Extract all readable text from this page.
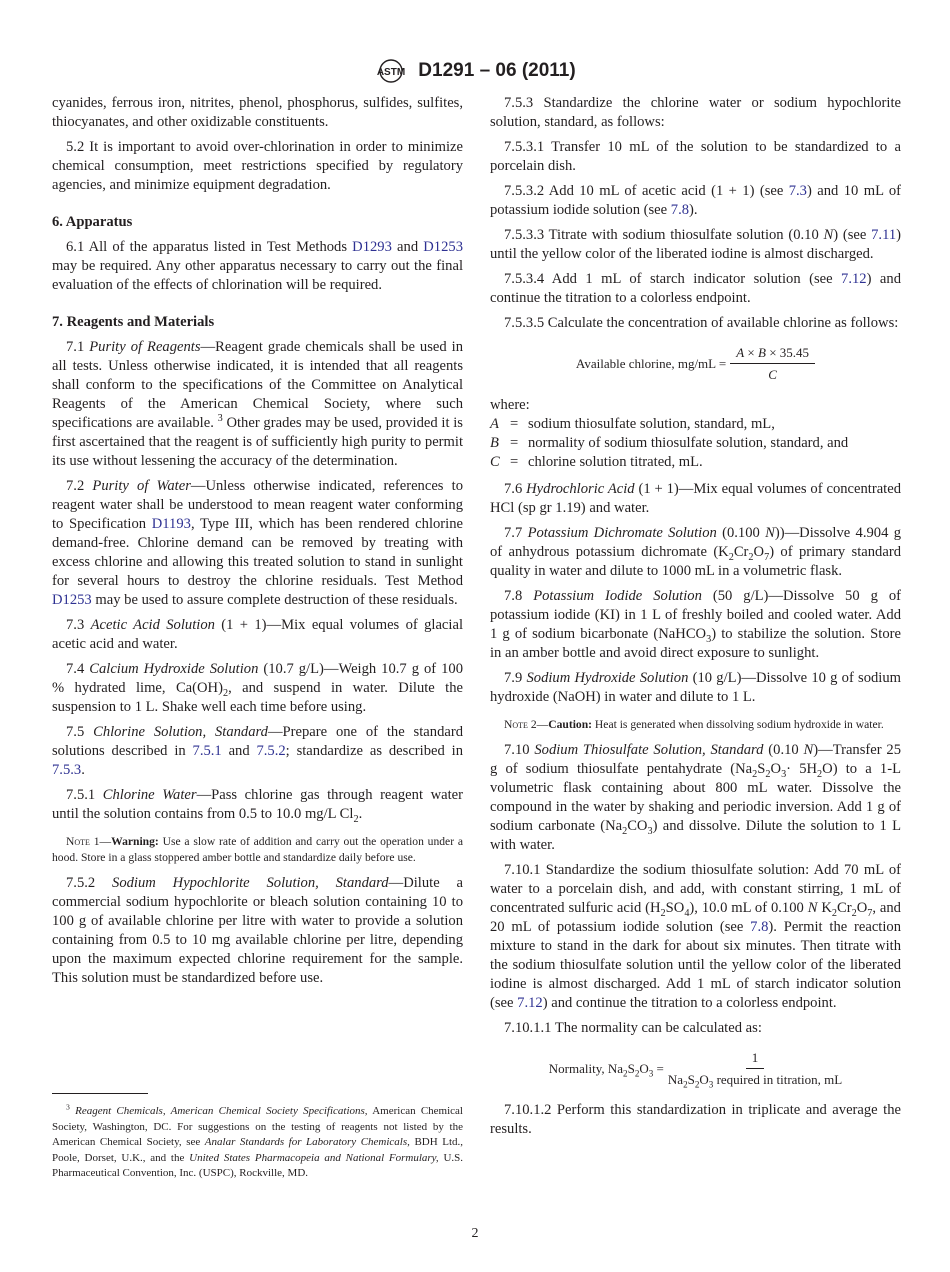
ASTM D1291 – 06 (2011)
cyanides, ferrous iron, nitrites, phenol, phosphorus, sulfides, sulfites, thiocyanates, and other oxidizable constituents.
5.2 It is important to avoid over-chlorination in order to minimize chemical consumption, meet restrictions specified by regulatory agencies, and minimize equipment degradation.
6. Apparatus
6.1 All of the apparatus listed in Test Methods D1293 and D1253 may be required. Any other apparatus necessary to carry out the final evaluation of the effects of chlorination will be required.
7. Reagents and Materials
7.1 Purity of Reagents—Reagent grade chemicals shall be used in all tests. Unless otherwise indicated, it is intended that all reagents shall conform to the specifications of the Committee on Analytical Reagents of the American Chemical Society, where such specifications are available. $^3$ Other grades may be used, provided it is first ascertained that the reagent is of sufficiently high purity to permit its use without lessening the accuracy of the determination.
7.2 Purity of Water—Unless otherwise indicated, references to reagent water shall be understood to mean reagent water conforming to Specification D1193, Type III, which has been rendered chlorine demand-free. Chlorine demand can be removed by treating with excess chlorine and allowing this treated solution to stand in sunlight for several hours to destroy the chlorine residuals. Test Method D1253 may be used to assure complete destruction of these residuals.
7.3 Acetic Acid Solution (1 + 1)—Mix equal volumes of glacial acetic acid and water.
7.4 Calcium Hydroxide Solution (10.7 g/L)—Weigh 10.7 g of 100 % hydrated lime, $Ca(OH)_2$, and suspend in water. Dilute the suspension to 1 L. Shake well each time before using.
7.5 Chlorine Solution, Standard—Prepare one of the standard solutions described in 7.5.1 and 7.5.2; standardize as described in 7.5.3.
7.5.1 Chlorine Water—Pass chlorine gas through reagent water until the solution contains from 0.5 to 10.0 mg/L $Cl_2$.
Note 1—Warning: Use a slow rate of addition and carry out the operation under a hood. Store in a glass stoppered amber bottle and standardize daily before use.
7.5.2 Sodium Hypochlorite Solution, Standard—Dilute a commercial sodium hypochlorite or bleach solution containing 10 to 100 g of available chlorine per litre with water to provide a solution containing from 0.5 to 10 mg available chlorine per litre, depending upon the maximum expected chlorine requirement for the sample. This solution must be standardized before use.
7.5.3 Standardize the chlorine water or sodium hypochlorite solution, standard, as follows:
7.5.3.1 Transfer 10 mL of the solution to be standardized to a porcelain dish.
7.5.3.2 Add 10 mL of acetic acid (1 + 1) (see 7.3) and 10 mL of potassium iodide solution (see 7.8).
7.5.3.3 Titrate with sodium thiosulfate solution (0.10 N) (see 7.11) until the yellow color of the liberated iodine is almost discharged.
7.5.3.4 Add 1 mL of starch indicator solution (see 7.12) and continue the titration to a colorless endpoint.
7.5.3.5 Calculate the concentration of available chlorine as follows:
Available chlorine, $mg/mL = \frac{A \times B \times 35.45}{C}$
where:
A = sodium thiosulfate solution, standard, mL,
B = normality of sodium thiosulfate solution, standard, and
C = chlorine solution titrated, mL.
7.6 Hydrochloric Acid (1 + 1)—Mix equal volumes of concentrated HCl (sp gr 1.19) and water.
7.7 Potassium Dichromate Solution (0.100 N))—Dissolve 4.904 g of anhydrous potassium dichromate $(K_2Cr_2O_7)$ of primary standard quality in water and dilute to 1000 mL in a volumetric flask.
7.8 Potassium Iodide Solution (50 g/L)—Dissolve 50 g of potassium iodide (KI) in 1 L of freshly boiled and cooled water. Add 1 g of sodium bicarbonate (NaHCO$_3$) to stabilize the solution. Store in an amber bottle and avoid direct exposure to sunlight.
7.9 Sodium Hydroxide Solution (10 g/L)—Dissolve 10 g of sodium hydroxide (NaOH) in water and dilute to 1 L.
Note 2—Caution: Heat is generated when dissolving sodium hydroxide in water.
7.10 Sodium Thiosulfate Solution, Standard (0.10 N)—Transfer 25 g of sodium thiosulfate pentahydrate $(Na_2S_2O_3\cdot 5H_2O)$ to a 1-L volumetric flask containing about 800 mL water. Dissolve the compound in the water by shaking and periodic inversion. Add 1 g of sodium carbonate $(Na_2CO_3)$ and dissolve. Dilute the solution to 1 L with water.
7.10.1 Standardize the sodium thiosulfate solution: Add 70 mL of water to a porcelain dish, and add, with constant stirring, 1 mL of concentrated sulfuric acid $(H_2SO_4)$, 10.0 mL of 0.100 N $K_2Cr_2O_7$, and 20 mL of potassium iodide solution (see 7.8). Permit the reaction mixture to stand in the dark for about six minutes. Then titrate with the sodium thiosulfate solution until the yellow color of the liberated iodine is almost discharged. Add 1 mL of starch indicator solution (see 7.12) and continue the titration to a colorless endpoint.
7.10.1.1 The normality can be calculated as:
Normality, $Na_2S_2O_3 = \frac{1}{Na_2S_2O_3 required in titration, mL}$
7.10.1.2 Perform this standardization in triplicate and average the results.
$^3$ Reagent Chemicals, American Chemical Society Specifications, American Chemical Society, Washington, DC. For suggestions on the testing of reagents not listed by the American Chemical Society, see Analar Standards for Laboratory Chemicals, BDH Ltd., Poole, Dorset, U.K., and the United States Pharmacopeia and National Formulary, U.S. Pharmaceutical Convention, Inc. (USPC), Rockville, MD.
2
